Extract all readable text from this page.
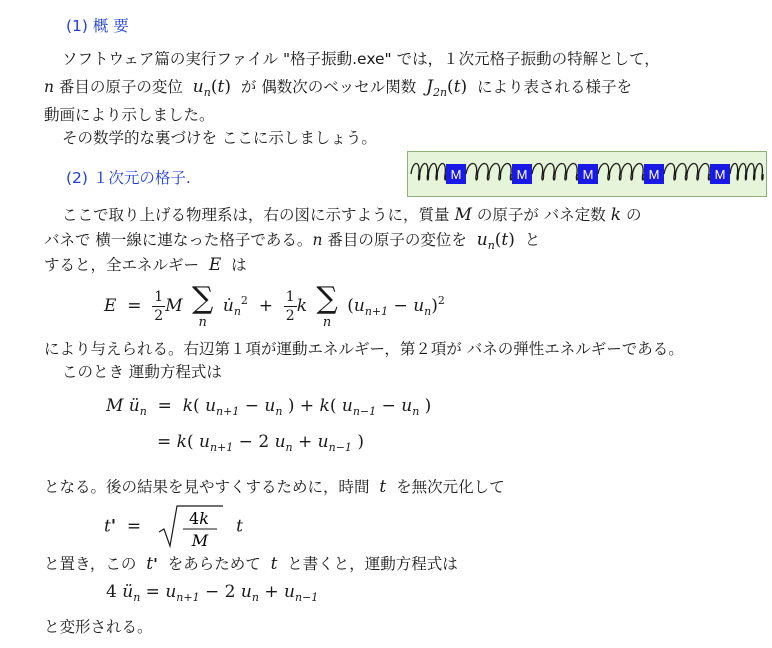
(1) 概 要
ソフトウェア篇の実行ファイル "格子振動.exe" では，１次元格子振動の特解として，
n 番目の原子の変位 $u_n(t)$ が 偶数次のベッセル関数 $J_{2n}(t)$ により表される様子を
動画により示しました。
その数学的な裏づけを ここに示しましょう。
(2) １次元の格子.	M	M	M	M	M
ここで取り上げる物理系は，右の図に示すように，質量 M の原子が バネ定数 k の
バネで 横一線に連なった格子である。n 番目の原子の変位を $u_n(t)$ と
すると，全エネルギー E は
$E = \frac{1}{2}$ M ∑
n
$u̇_n^2 + \frac{1}{2}$ k ∑
n
$(u_{n+1} - u_n)^2$
により与えられる。右辺第１項が運動エネルギー，第２項が バネの弾性エネルギーである。
このとき 運動方程式は
M $ü_n = k$( $u_{n+1} - u_n$ ) + k( $u_{n-1} - u_n$ )
= k( $u_{n+1} - 2$ $u_n + u_{n-1}$ )
となる。後の結果を見やすくするために，時間 t を無次元化して
t'  = 4k
M
t
と置き，この t' をあらためて t と書くと，運動方程式は
4 $ü_n = u_{n+1} - 2$ $u_n + u_{n-1}$
と変形される。
